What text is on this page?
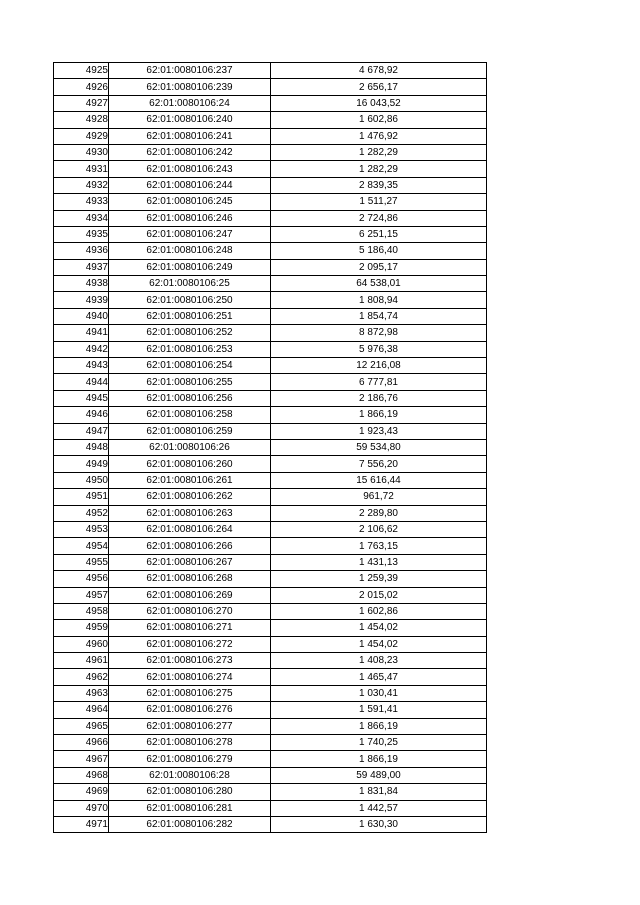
4925	62:01:0080106:237	4 678,92
4926	62:01:0080106:239	2 656,17
4927	62:01:0080106:24	16 043,52
4928	62:01:0080106:240	1 602,86
4929	62:01:0080106:241	1 476,92
4930	62:01:0080106:242	1 282,29
4931	62:01:0080106:243	1 282,29
4932	62:01:0080106:244	2 839,35
4933	62:01:0080106:245	1 511,27
4934	62:01:0080106:246	2 724,86
4935	62:01:0080106:247	6 251,15
4936	62:01:0080106:248	5 186,40
4937	62:01:0080106:249	2 095,17
4938	62:01:0080106:25	64 538,01
4939	62:01:0080106:250	1 808,94
4940	62:01:0080106:251	1 854,74
4941	62:01:0080106:252	8 872,98
4942	62:01:0080106:253	5 976,38
4943	62:01:0080106:254	12 216,08
4944	62:01:0080106:255	6 777,81
4945	62:01:0080106:256	2 186,76
4946	62:01:0080106:258	1 866,19
4947	62:01:0080106:259	1 923,43
4948	62:01:0080106:26	59 534,80
4949	62:01:0080106:260	7 556,20
4950	62:01:0080106:261	15 616,44
4951	62:01:0080106:262	961,72
4952	62:01:0080106:263	2 289,80
4953	62:01:0080106:264	2 106,62
4954	62:01:0080106:266	1 763,15
4955	62:01:0080106:267	1 431,13
4956	62:01:0080106:268	1 259,39
4957	62:01:0080106:269	2 015,02
4958	62:01:0080106:270	1 602,86
4959	62:01:0080106:271	1 454,02
4960	62:01:0080106:272	1 454,02
4961	62:01:0080106:273	1 408,23
4962	62:01:0080106:274	1 465,47
4963	62:01:0080106:275	1 030,41
4964	62:01:0080106:276	1 591,41
4965	62:01:0080106:277	1 866,19
4966	62:01:0080106:278	1 740,25
4967	62:01:0080106:279	1 866,19
4968	62:01:0080106:28	59 489,00
4969	62:01:0080106:280	1 831,84
4970	62:01:0080106:281	1 442,57
4971	62:01:0080106:282	1 630,30
